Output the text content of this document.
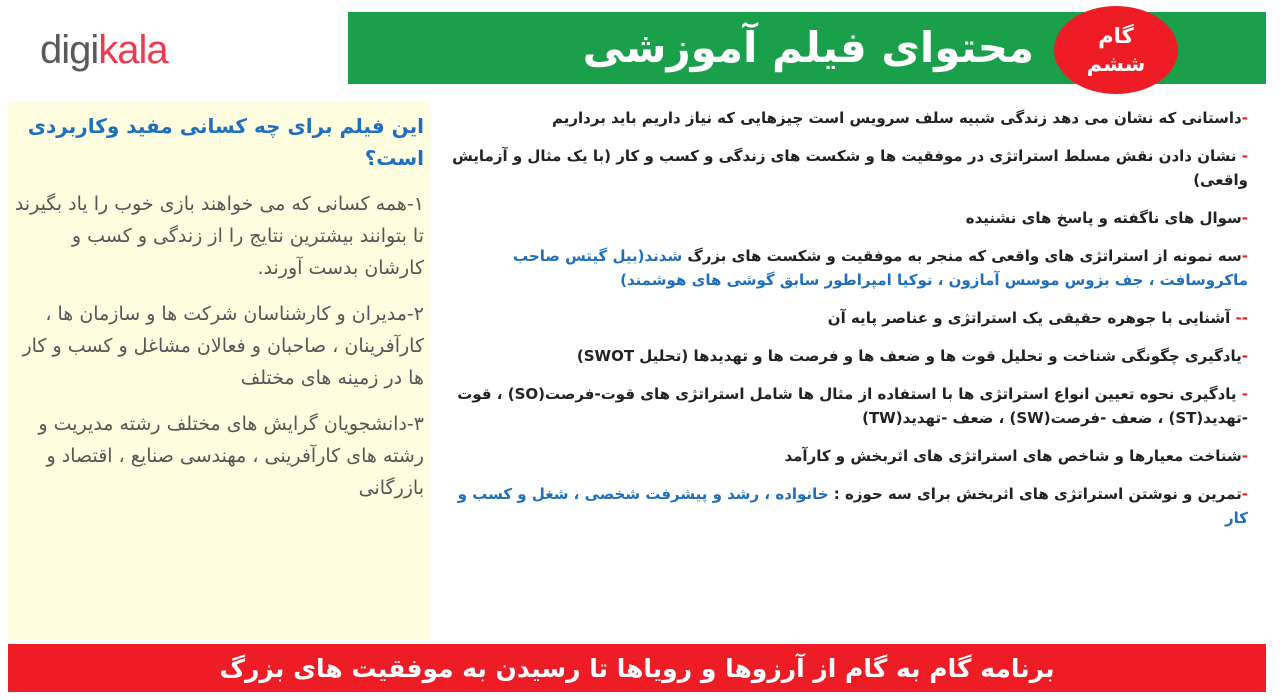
digikala	محتوای فیلم آموزشی	گام
ششم
این فیلم برای چه کسانی مفید وکاربردی است؟
۱-همه کسانی که می خواهند بازی خوب را یاد بگیرند تا بتوانند بیشترین نتایج را از زندگی و کسب و کارشان بدست آورند.
۲-مدیران و کارشناسان شرکت ها و سازمان ها ، کارآفرینان ، صاحبان و فعالان مشاغل و کسب و کار ها در زمینه های مختلف
۳-دانشجویان گرایش های مختلف رشته مدیریت و رشته های کارآفرینی ، مهندسی صنایع ، اقتصاد و بازرگانی
-داستانی که نشان می دهد زندگی شبیه سلف سرویس است چیزهایی که نیاز داریم باید برداریم
- نشان دادن نقش مسلط استراتژی در موفقیت ها و شکست های زندگی و کسب و کار (با یک مثال و آزمایش واقعی)
-سوال های ناگفته و پاسخ های نشنیده
-سه نمونه از استراتژی های واقعی که منجر به موفقیت و شکست های بزرگ شدند(بیل گیتس صاحب ماکروسافت ، جف بزوس موسس آمازون ، نوکیا امپراطور سابق گوشی های هوشمند)
-- آشنایی با جوهره حقیقی یک استراتژی و عناصر پایه آن
-یادگیری چگونگی شناخت و تحلیل قوت ها و ضعف ها و فرصت ها و تهدیدها (تحلیل SWOT)
- یادگیری نحوه تعیین انواع استراتژی ها با استفاده از مثال ها شامل استراتژی های قوت-فرصت(SO) ، قوت -تهدید(ST) ، ضعف -فرصت(SW) ، ضعف -تهدید(TW)
-شناخت معیارها و شاخص های استراتژی های اثربخش و کارآمد
-تمرین و نوشتن استراتژی های اثربخش برای سه حوزه : خانواده ، رشد و پیشرفت شخصی ، شغل و کسب و کار
برنامه گام به گام از آرزوها و رویاها تا رسیدن به موفقیت های بزرگ
